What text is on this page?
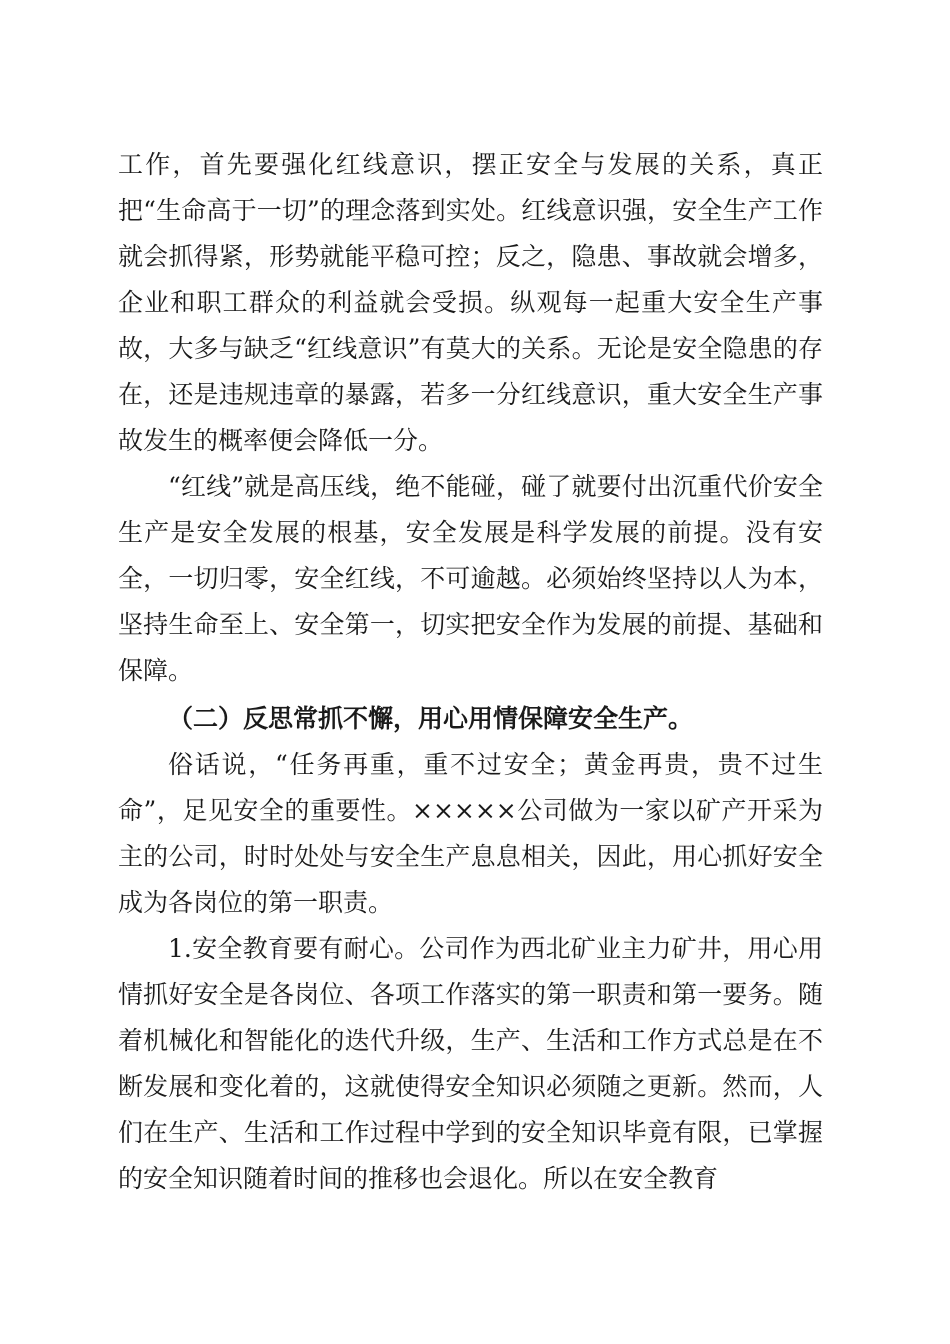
工作，首先要强化红线意识，摆正安全与发展的关系，真正把“生命高于一切”的理念落到实处。红线意识强，安全生产工作就会抓得紧，形势就能平稳可控；反之，隐患、事故就会增多，企业和职工群众的利益就会受损。纵观每一起重大安全生产事故，大多与缺乏“红线意识”有莫大的关系。无论是安全隐患的存在，还是违规违章的暴露，若多一分红线意识，重大安全生产事故发生的概率便会降低一分。

“红线”就是高压线，绝不能碰，碰了就要付出沉重代价安全生产是安全发展的根基，安全发展是科学发展的前提。没有安全，一切归零，安全红线，不可逾越。必须始终坚持以人为本，坚持生命至上、安全第一，切实把安全作为发展的前提、基础和保障。

（二）反思常抓不懈，用心用情保障安全生产。

俗话说，“任务再重，重不过安全；黄金再贵，贵不过生命”，足见安全的重要性。×××××公司做为一家以矿产开采为主的公司，时时处处与安全生产息息相关，因此，用心抓好安全成为各岗位的第一职责。

1.安全教育要有耐心。公司作为西北矿业主力矿井，用心用情抓好安全是各岗位、各项工作落实的第一职责和第一要务。随着机械化和智能化的迭代升级，生产、生活和工作方式总是在不断发展和变化着的，这就使得安全知识必须随之更新。然而，人们在生产、生活和工作过程中学到的安全知识毕竟有限，已掌握的安全知识随着时间的推移也会退化。所以在安全教育
